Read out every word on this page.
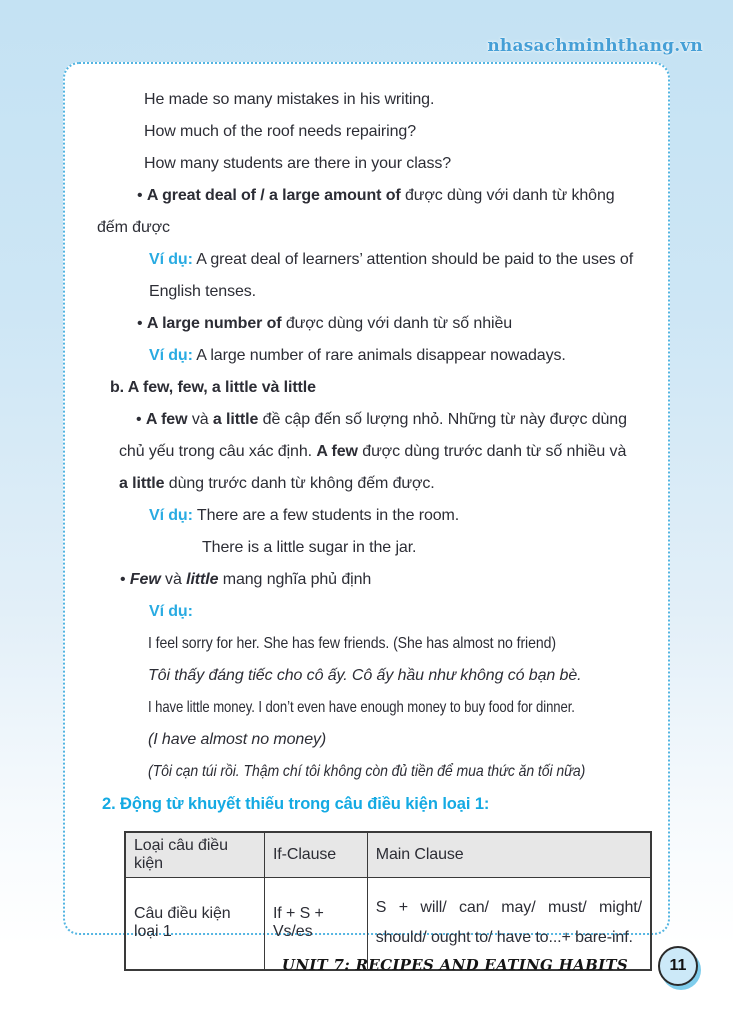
nhasachminhthang.vn

He made so many mistakes in his writing.

How much of the roof needs repairing?

How many students are there in your class?

• A great deal of / a large amount of được dùng với danh từ không đếm được

Ví dụ: A great deal of learners’ attention should be paid to the uses of English tenses.

• A large number of được dùng với danh từ số nhiều

Ví dụ: A large number of rare animals disappear nowadays.

b. A few, few, a little và little

• A few và a little đề cập đến số lượng nhỏ. Những từ này được dùng chủ yếu trong câu xác định. A few được dùng trước danh từ số nhiều và a little dùng trước danh từ không đếm được.

Ví dụ: There are a few students in the room.

There is a little sugar in the jar.

• Few và little mang nghĩa phủ định

Ví dụ:

I feel sorry for her. She has few friends. (She has almost no friend)

Tôi thấy đáng tiếc cho cô ấy. Cô ấy hầu như không có bạn bè.

I have little money. I don’t even have enough money to buy food for dinner.

(I have almost no money)

(Tôi cạn túi rồi. Thậm chí tôi không còn đủ tiền để mua thức ăn tối nữa)

2. Động từ khuyết thiếu trong câu điều kiện loại 1:

Loại câu điều kiện	If-Clause	Main Clause
Câu điều kiện loại 1	If + S + Vs/es	S + will/ can/ may/ must/ might/ should/ ought to/ have to...+ bare-inf.
UNIT 7: RECIPES AND EATING HABITS	11
